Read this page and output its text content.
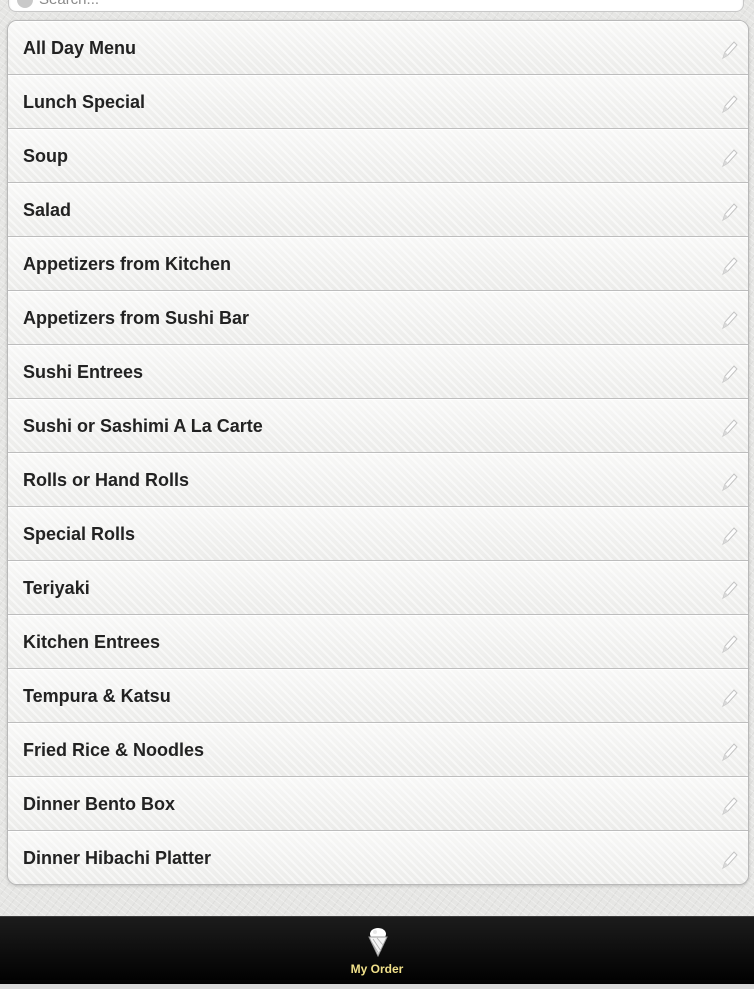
Search...
All Day Menu
Lunch Special
Soup
Salad
Appetizers from Kitchen
Appetizers from Sushi Bar
Sushi Entrees
Sushi or Sashimi A La Carte
Rolls or Hand Rolls
Special Rolls
Teriyaki
Kitchen Entrees
Tempura & Katsu
Fried Rice & Noodles
Dinner Bento Box
Dinner Hibachi Platter
My Order
